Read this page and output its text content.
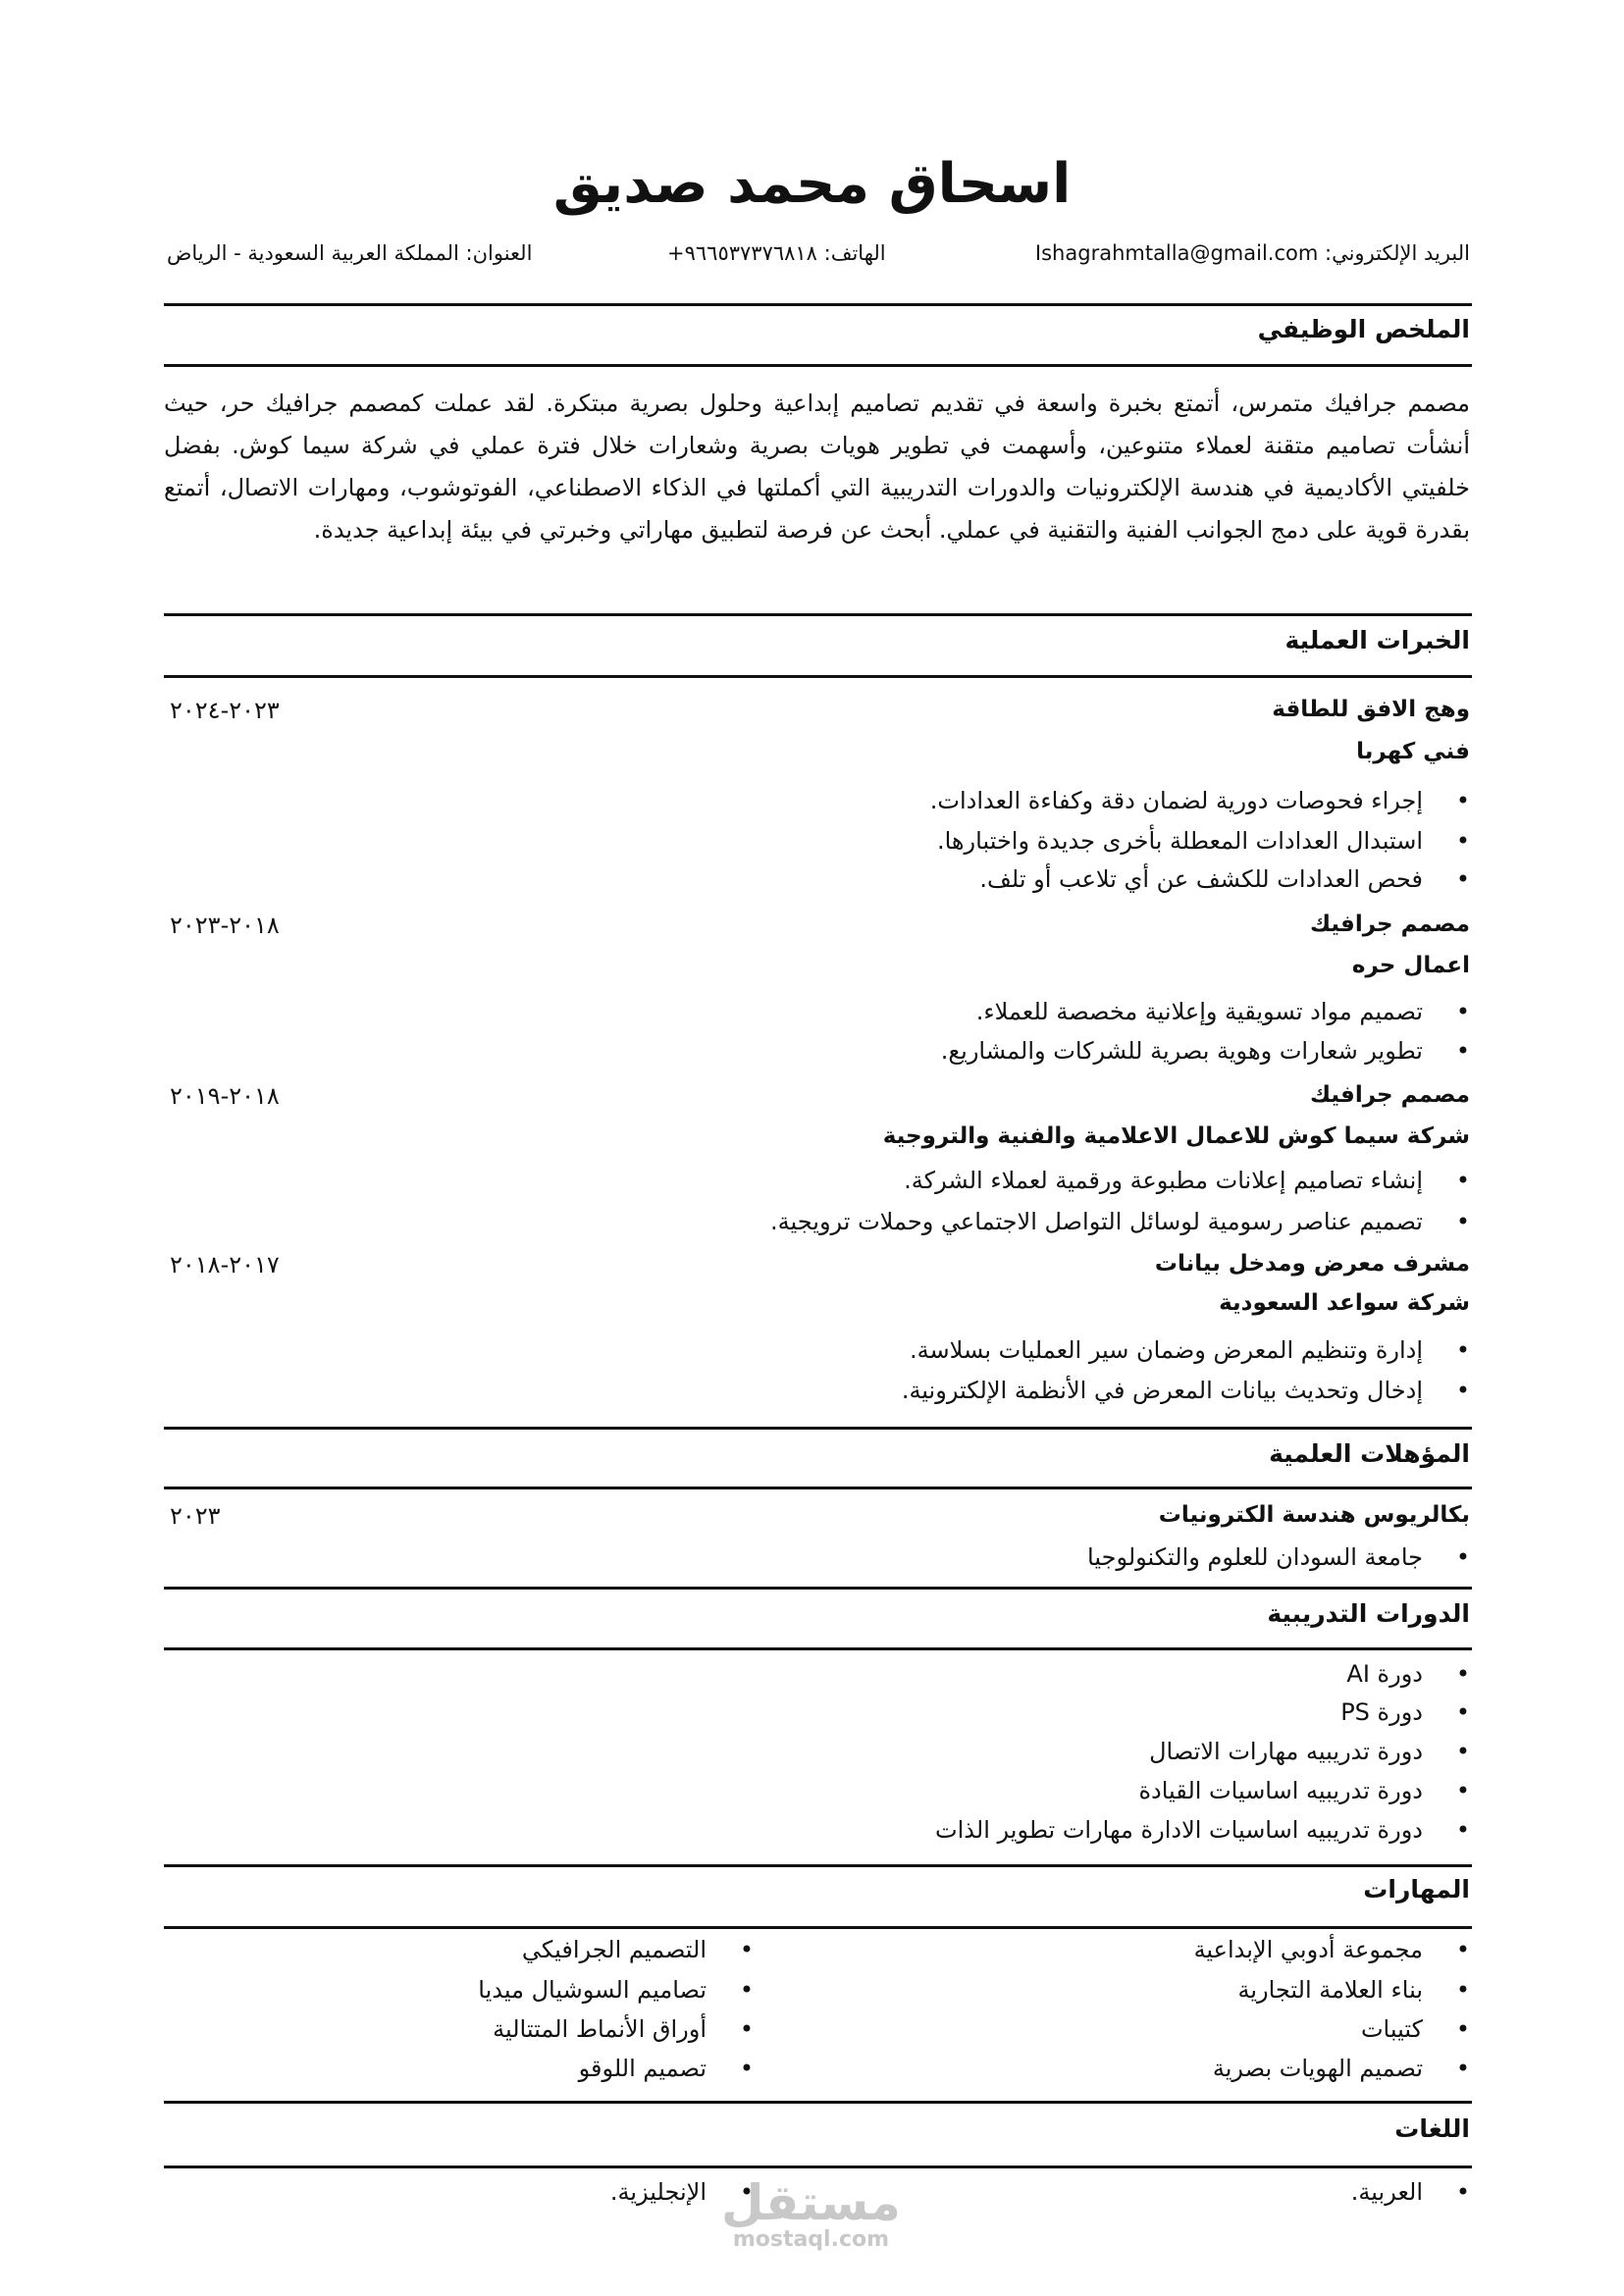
اسحاق محمد صديق
البريد الإلكتروني: Ishagrahmtalla@gmail.com
الهاتف: ٩٦٦٥٣٧٣٧٦٨١٨+
العنوان: المملكة العربية السعودية - الرياض
الملخص الوظيفي
مصمم جرافيك متمرس، أتمتع بخبرة واسعة في تقديم تصاميم إبداعية وحلول بصرية مبتكرة. لقد عملت كمصمم جرافيك حر، حيث أنشأت تصاميم متقنة لعملاء متنوعين، وأسهمت في تطوير هويات بصرية وشعارات خلال فترة عملي في شركة سيما كوش. بفضل خلفيتي الأكاديمية في هندسة الإلكترونيات والدورات التدريبية التي أكملتها في الذكاء الاصطناعي، الفوتوشوب، ومهارات الاتصال، أتمتع بقدرة قوية على دمج الجوانب الفنية والتقنية في عملي. أبحث عن فرصة لتطبيق مهاراتي وخبرتي في بيئة إبداعية جديدة.
الخبرات العملية
وهج الافق للطاقة
٢٠٢٣-٢٠٢٤
فني كهربا
• إجراء فحوصات دورية لضمان دقة وكفاءة العدادات.
• استبدال العدادات المعطلة بأخرى جديدة واختبارها.
• فحص العدادات للكشف عن أي تلاعب أو تلف.
مصمم جرافيك
٢٠١٨-٢٠٢٣
اعمال حره
• تصميم مواد تسويقية وإعلانية مخصصة للعملاء.
• تطوير شعارات وهوية بصرية للشركات والمشاريع.
مصمم جرافيك
٢٠١٨-٢٠١٩
شركة سيما كوش للاعمال الاعلامية والفنية والتروجية
• إنشاء تصاميم إعلانات مطبوعة ورقمية لعملاء الشركة.
• تصميم عناصر رسومية لوسائل التواصل الاجتماعي وحملات ترويجية.
مشرف معرض ومدخل بيانات
٢٠١٧-٢٠١٨
شركة سواعد السعودية
• إدارة وتنظيم المعرض وضمان سير العمليات بسلاسة.
• إدخال وتحديث بيانات المعرض في الأنظمة الإلكترونية.
المؤهلات العلمية
بكالريوس هندسة الكترونيات
٢٠٢٣
• جامعة السودان للعلوم والتكنولوجيا
الدورات التدريبية
• دورة AI
• دورة PS
• دورة تدريبيه مهارات الاتصال
• دورة تدريبيه اساسيات القيادة
• دورة تدريبيه اساسيات الادارة مهارات تطوير الذات
المهارات
• مجموعة أدوبي الإبداعية
• بناء العلامة التجارية
• كتيبات
• تصميم الهويات بصرية
• التصميم الجرافيكي
• تصاميم السوشيال ميديا
• أوراق الأنماط المتتالية
• تصميم اللوقو
اللغات
• العربية.
• الإنجليزية. مستقل
mostaql.com
